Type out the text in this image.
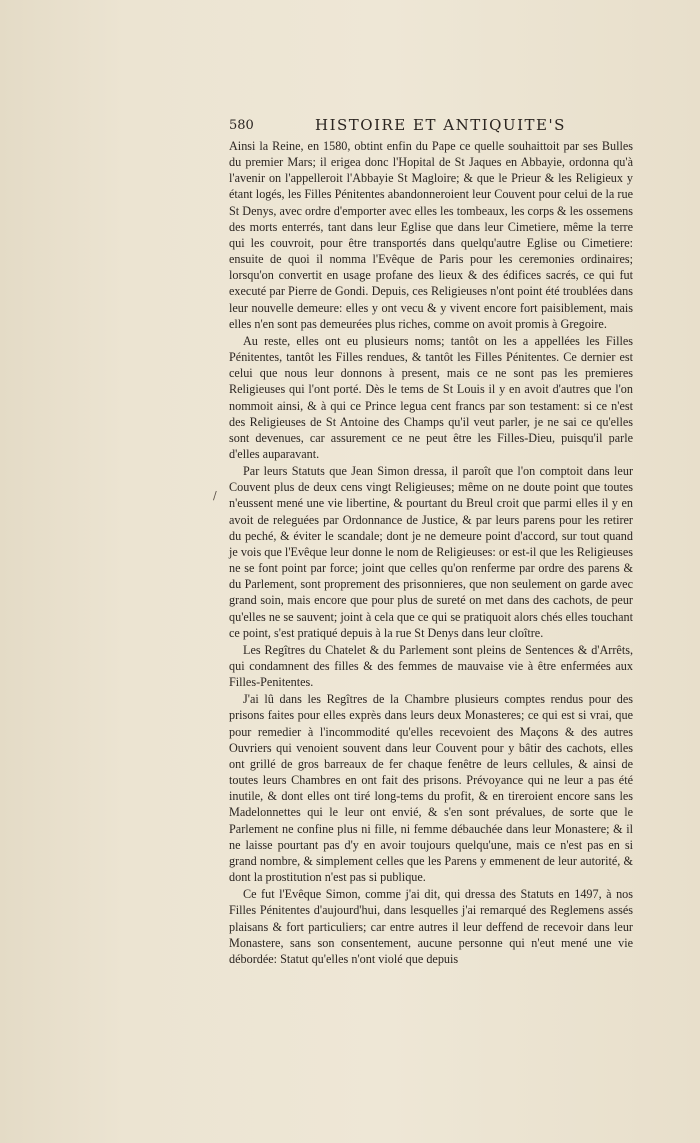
580	HISTOIRE ET ANTIQUITE'S
/

Ainsi la Reine, en 1580, obtint enfin du Pape ce quelle souhaittoit par ses Bulles du premier Mars; il erigea donc l'Hopital de St Jaques en Abbayie, ordonna qu'à l'avenir on l'appelleroit l'Abbayie St Magloire; & que le Prieur & les Religieux y étant logés, les Filles Pénitentes abandonneroient leur Couvent pour celui de la rue St Denys, avec ordre d'emporter avec elles les tombeaux, les corps & les ossemens des morts enterrés, tant dans leur Eglise que dans leur Cimetiere, même la terre qui les couvroit, pour être transportés dans quelqu'autre Eglise ou Cimetiere: ensuite de quoi il nomma l'Evêque de Paris pour les ceremonies ordinaires; lorsqu'on convertit en usage profane des lieux & des édifices sacrés, ce qui fut executé par Pierre de Gondi. Depuis, ces Religieuses n'ont point été troublées dans leur nouvelle demeure: elles y ont vecu & y vivent encore fort paisiblement, mais elles n'en sont pas demeurées plus riches, comme on avoit promis à Gregoire.

Au reste, elles ont eu plusieurs noms; tantôt on les a appellées les Filles Pénitentes, tantôt les Filles rendues, & tantôt les Filles Pénitentes. Ce dernier est celui que nous leur donnons à present, mais ce ne sont pas les premieres Religieuses qui l'ont porté. Dès le tems de St Louis il y en avoit d'autres que l'on nommoit ainsi, & à qui ce Prince legua cent francs par son testament: si ce n'est des Religieuses de St Antoine des Champs qu'il veut parler, je ne sai ce qu'elles sont devenues, car assurement ce ne peut être les Filles-Dieu, puisqu'il parle d'elles auparavant.

Par leurs Statuts que Jean Simon dressa, il paroît que l'on comptoit dans leur Couvent plus de deux cens vingt Religieuses; même on ne doute point que toutes n'eussent mené une vie libertine, & pourtant du Breul croit que parmi elles il y en avoit de releguées par Ordonnance de Justice, & par leurs parens pour les retirer du peché, & éviter le scandale; dont je ne demeure point d'accord, sur tout quand je vois que l'Evêque leur donne le nom de Religieuses: or est-il que les Religieuses ne se font point par force; joint que celles qu'on renferme par ordre des parens & du Parlement, sont proprement des prisonnieres, que non seulement on garde avec grand soin, mais encore que pour plus de sureté on met dans des cachots, de peur qu'elles ne se sauvent; joint à cela que ce qui se pratiquoit alors chés elles touchant ce point, s'est pratiqué depuis à la rue St Denys dans leur cloître.

Les Regîtres du Chatelet & du Parlement sont pleins de Sentences & d'Arrêts, qui condamnent des filles & des femmes de mauvaise vie à être enfermées aux Filles-Penitentes.

J'ai lû dans les Regîtres de la Chambre plusieurs comptes rendus pour des prisons faites pour elles exprès dans leurs deux Monasteres; ce qui est si vrai, que pour remedier à l'incommodité qu'elles recevoient des Maçons & des autres Ouvriers qui venoient souvent dans leur Couvent pour y bâtir des cachots, elles ont grillé de gros barreaux de fer chaque fenêtre de leurs cellules, & ainsi de toutes leurs Chambres en ont fait des prisons. Prévoyance qui ne leur a pas été inutile, & dont elles ont tiré long-tems du profit, & en tireroient encore sans les Madelonnettes qui le leur ont envié, & s'en sont prévalues, de sorte que le Parlement ne confine plus ni fille, ni femme débauchée dans leur Monastere; & il ne laisse pourtant pas d'y en avoir toujours quelqu'une, mais ce n'est pas en si grand nombre, & simplement celles que les Parens y emmenent de leur autorité, & dont la prostitution n'est pas si publique.

Ce fut l'Evêque Simon, comme j'ai dit, qui dressa des Statuts en 1497, à nos Filles Pénitentes d'aujourd'hui, dans lesquelles j'ai remarqué des Reglemens assés plaisans & fort particuliers; car entre autres il leur deffend de recevoir dans leur Monastere, sans son consentement, aucune personne qui n'eut mené une vie débordée: Statut qu'elles n'ont violé que depuis
